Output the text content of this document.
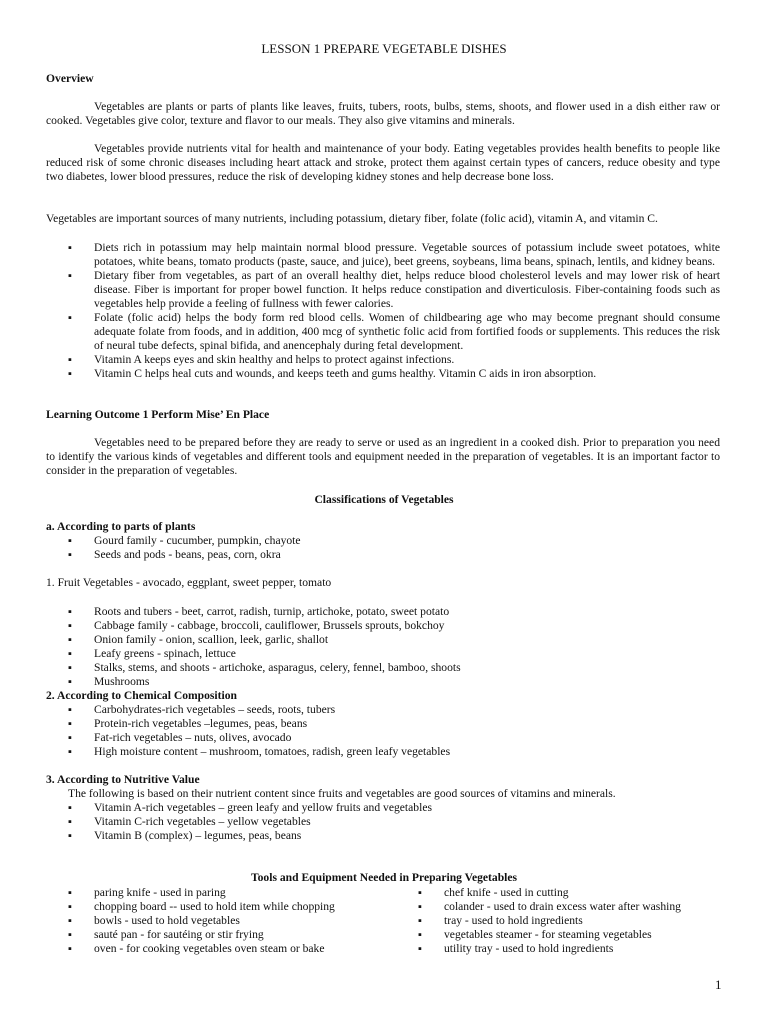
LESSON 1 PREPARE VEGETABLE DISHES
Overview
Vegetables are plants or parts of plants like leaves, fruits, tubers, roots, bulbs, stems, shoots, and flower used in a dish either raw or cooked. Vegetables give color, texture and flavor to our meals. They also give vitamins and minerals.
Vegetables provide nutrients vital for health and maintenance of your body. Eating vegetables provides health benefits to people like reduced risk of some chronic diseases including heart attack and stroke, protect them against certain types of cancers, reduce obesity and type two diabetes, lower blood pressures, reduce the risk of developing kidney stones and help decrease bone loss.
Vegetables are important sources of many nutrients, including potassium, dietary fiber, folate (folic acid), vitamin A, and vitamin C.
▪ Diets rich in potassium may help maintain normal blood pressure. Vegetable sources of potassium include sweet potatoes, white potatoes, white beans, tomato products (paste, sauce, and juice), beet greens, soybeans, lima beans, spinach, lentils, and kidney beans.
▪ Dietary fiber from vegetables, as part of an overall healthy diet, helps reduce blood cholesterol levels and may lower risk of heart disease. Fiber is important for proper bowel function. It helps reduce constipation and diverticulosis. Fiber-containing foods such as vegetables help provide a feeling of fullness with fewer calories.
▪ Folate (folic acid) helps the body form red blood cells. Women of childbearing age who may become pregnant should consume adequate folate from foods, and in addition, 400 mcg of synthetic folic acid from fortified foods or supplements. This reduces the risk of neural tube defects, spinal bifida, and anencephaly during fetal development.
▪ Vitamin A keeps eyes and skin healthy and helps to protect against infections.
▪ Vitamin C helps heal cuts and wounds, and keeps teeth and gums healthy. Vitamin C aids in iron absorption.
Learning Outcome 1 Perform Mise’ En Place
Vegetables need to be prepared before they are ready to serve or used as an ingredient in a cooked dish. Prior to preparation you need to identify the various kinds of vegetables and different tools and equipment needed in the preparation of vegetables. It is an important factor to consider in the preparation of vegetables.
Classifications of Vegetables
a. According to parts of plants
▪ Gourd family - cucumber, pumpkin, chayote
▪ Seeds and pods - beans, peas, corn, okra
1. Fruit Vegetables - avocado, eggplant, sweet pepper, tomato
▪ Roots and tubers - beet, carrot, radish, turnip, artichoke, potato, sweet potato
▪ Cabbage family - cabbage, broccoli, cauliflower, Brussels sprouts, bokchoy
▪ Onion family - onion, scallion, leek, garlic, shallot
▪ Leafy greens - spinach, lettuce
▪ Stalks, stems, and shoots - artichoke, asparagus, celery, fennel, bamboo, shoots
▪ Mushrooms
2. According to Chemical Composition
▪ Carbohydrates-rich vegetables – seeds, roots, tubers
▪ Protein-rich vegetables –legumes, peas, beans
▪ Fat-rich vegetables – nuts, olives, avocado
▪ High moisture content – mushroom, tomatoes, radish, green leafy vegetables
3. According to Nutritive Value
The following is based on their nutrient content since fruits and vegetables are good sources of vitamins and minerals.
▪ Vitamin A-rich vegetables – green leafy and yellow fruits and vegetables
▪ Vitamin C-rich vegetables – yellow vegetables
▪ Vitamin B (complex) – legumes, peas, beans
Tools and Equipment Needed in Preparing Vegetables
▪ paring knife - used in paring
▪ chopping board -- used to hold item while chopping
▪ bowls - used to hold vegetables
▪ sauté pan - for sautéing or stir frying
▪ oven - for cooking vegetables oven steam or bake
▪ chef knife - used in cutting
▪ colander - used to drain excess water after washing
▪ tray - used to hold ingredients
▪ vegetables steamer - for steaming vegetables
▪ utility tray - used to hold ingredients
1
